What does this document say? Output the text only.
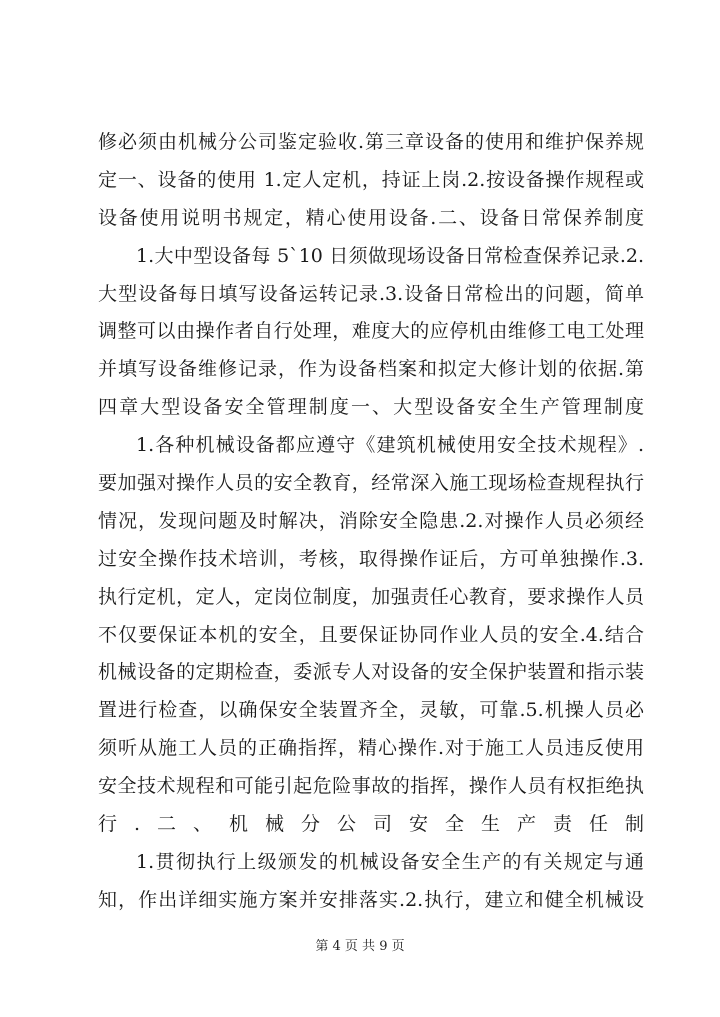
修必须由机械分公司鉴定验收.第三章设备的使用和维护保养规
定一、设备的使用 1.定人定机，持证上岗.2.按设备操作规程或
设备使用说明书规定，精心使用设备.二、设备日常保养制度
1.大中型设备每 5`10 日须做现场设备日常检查保养记录.2.
大型设备每日填写设备运转记录.3.设备日常检出的问题，简单
调整可以由操作者自行处理，难度大的应停机由维修工电工处理
并填写设备维修记录，作为设备档案和拟定大修计划的依据.第
四章大型设备安全管理制度一、大型设备安全生产管理制度
1.各种机械设备都应遵守《建筑机械使用安全技术规程》.
要加强对操作人员的安全教育，经常深入施工现场检查规程执行
情况，发现问题及时解决，消除安全隐患.2.对操作人员必须经
过安全操作技术培训，考核，取得操作证后，方可单独操作.3.
执行定机，定人，定岗位制度，加强责任心教育，要求操作人员
不仅要保证本机的安全，且要保证协同作业人员的安全.4.结合
机械设备的定期检查，委派专人对设备的安全保护装置和指示装
置进行检查，以确保安全装置齐全，灵敏，可靠.5.机操人员必
须听从施工人员的正确指挥，精心操作.对于施工人员违反使用
安全技术规程和可能引起危险事故的指挥，操作人员有权拒绝执
行.二、机械分公司安全生产责任制
1.贯彻执行上级颁发的机械设备安全生产的有关规定与通
知，作出详细实施方案并安排落实.2.执行，建立和健全机械设
第 4 页 共 9 页
